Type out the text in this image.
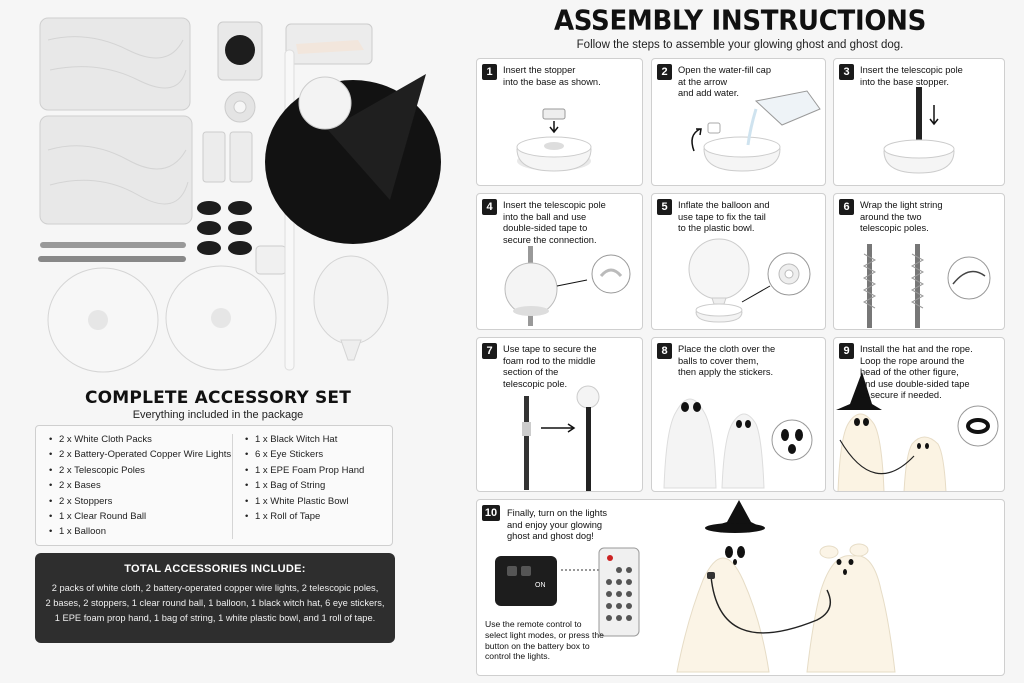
COMPLETE ACCESSORY SET
Everything included in the package
• 2 x White Cloth Packs
• 2 x Battery-Operated Copper Wire Lights
• 2 x Telescopic Poles
• 2 x Bases
• 2 x Stoppers
• 1 x Clear Round Ball
• 1 x Balloon
• 1 x Black Witch Hat
• 6 x Eye Stickers
• 1 x EPE Foam Prop Hand
• 1 x Bag of String
• 1 x White Plastic Bowl
• 1 x Roll of Tape
TOTAL ACCESSORIES INCLUDE:
2 packs of white cloth, 2 battery-operated copper wire lights, 2 telescopic poles,
2 bases, 2 stoppers, 1 clear round ball, 1 balloon, 1 black witch hat, 6 eye stickers,
1 EPE foam prop hand, 1 bag of string, 1 white plastic bowl, and 1 roll of tape.
ASSEMBLY INSTRUCTIONS
Follow the steps to assemble your glowing ghost and ghost dog.
1	Insert the stopper
into the base as shown.
2	Open the water-fill cap
at the arrow
and add water.
3	Insert the telescopic pole
into the base stopper.
4	Insert the telescopic pole
into the ball and use
double-sided tape to
secure the connection.
5	Inflate the balloon and
use tape to fix the tail
to the plastic bowl.
6	Wrap the light string
around the two
telescopic poles.
7	Use tape to secure the
foam rod to the middle
section of the
telescopic pole.
8	Place the cloth over the
balls to cover them,
then apply the stickers.
9	Install the hat and the rope.
Loop the rope around the
head of the other figure,
and use double-sided tape
to secure if needed.
ON
10	Finally, turn on the lights
and enjoy your glowing
ghost and ghost dog!
Use the remote control to
select light modes, or press the
button on the battery box to
control the lights.
